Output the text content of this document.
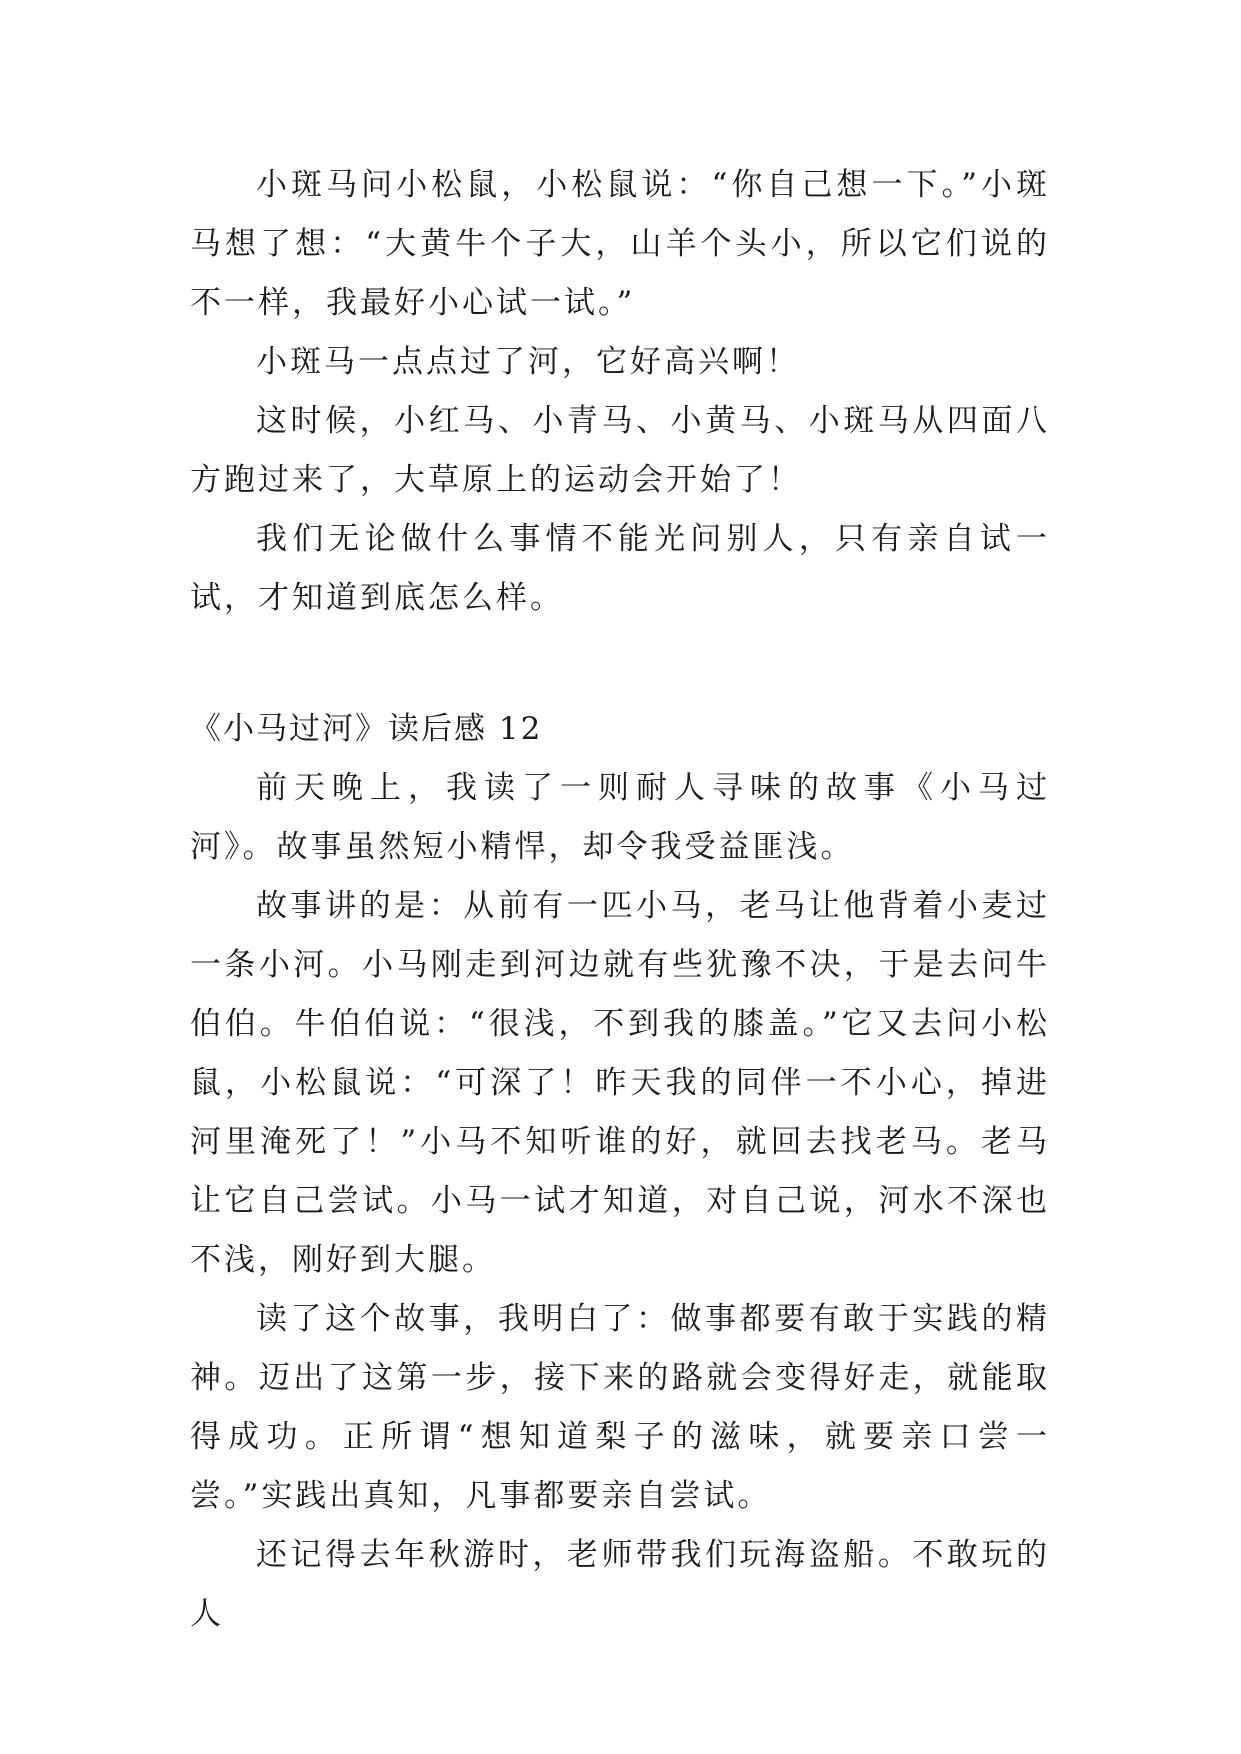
小斑马问小松鼠，小松鼠说：“你自己想一下。”小斑马想了想：“大黄牛个子大，山羊个头小，所以它们说的不一样，我最好小心试一试。”

小斑马一点点过了河，它好高兴啊！

这时候，小红马、小青马、小黄马、小斑马从四面八方跑过来了，大草原上的运动会开始了！

我们无论做什么事情不能光问别人，只有亲自试一试，才知道到底怎么样。

《小马过河》读后感 12

前天晚上，我读了一则耐人寻味的故事《小马过河》。故事虽然短小精悍，却令我受益匪浅。

故事讲的是：从前有一匹小马，老马让他背着小麦过一条小河。小马刚走到河边就有些犹豫不决，于是去问牛伯伯。牛伯伯说：“很浅，不到我的膝盖。”它又去问小松鼠，小松鼠说：“可深了！昨天我的同伴一不小心，掉进河里淹死了！”小马不知听谁的好，就回去找老马。老马让它自己尝试。小马一试才知道，对自己说，河水不深也不浅，刚好到大腿。

读了这个故事，我明白了：做事都要有敢于实践的精神。迈出了这第一步，接下来的路就会变得好走，就能取得成功。正所谓“想知道梨子的滋味，就要亲口尝一尝。”实践出真知，凡事都要亲自尝试。

还记得去年秋游时，老师带我们玩海盗船。不敢玩的人
